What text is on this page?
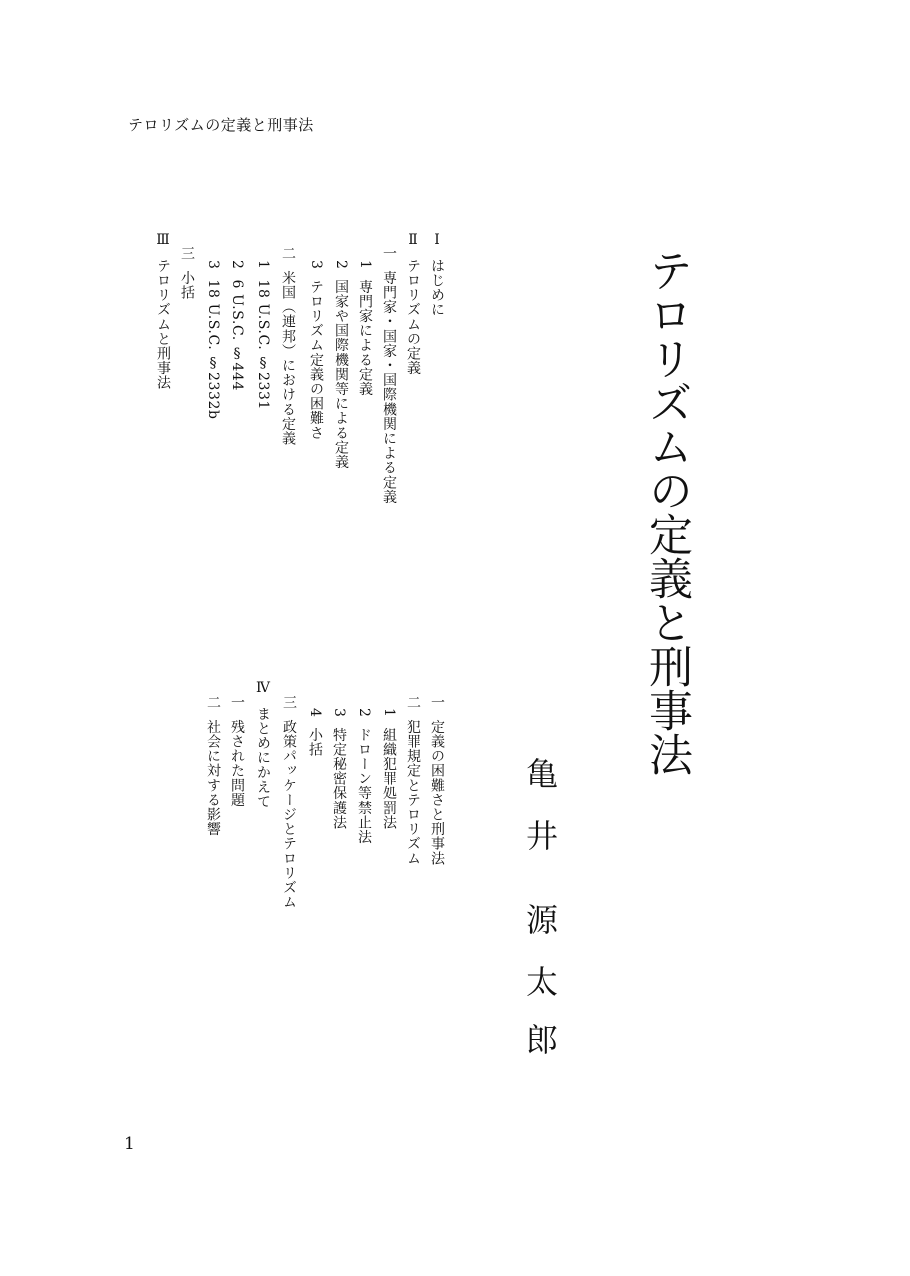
テロリズムの定義と刑事法
テロリズムの定義と刑事法
亀
井
源
太
郎
Ⅰはじめに
Ⅱテロリズムの定義
一専門家・国家・国際機関による定義
1専門家による定義
2国家や国際機関等による定義
3テロリズム定義の困難さ
二米国（連邦）における定義
118 U.S.C. §2331
26 U.S.C. §444
318 U.S.C. §2332b
三小括
Ⅲテロリズムと刑事法
一定義の困難さと刑事法
二犯罪規定とテロリズム
1組織犯罪処罰法
2ドローン等禁止法
3特定秘密保護法
4小括
三政策パッケージとテロリズム
Ⅳまとめにかえて
一残された問題
二社会に対する影響
1
